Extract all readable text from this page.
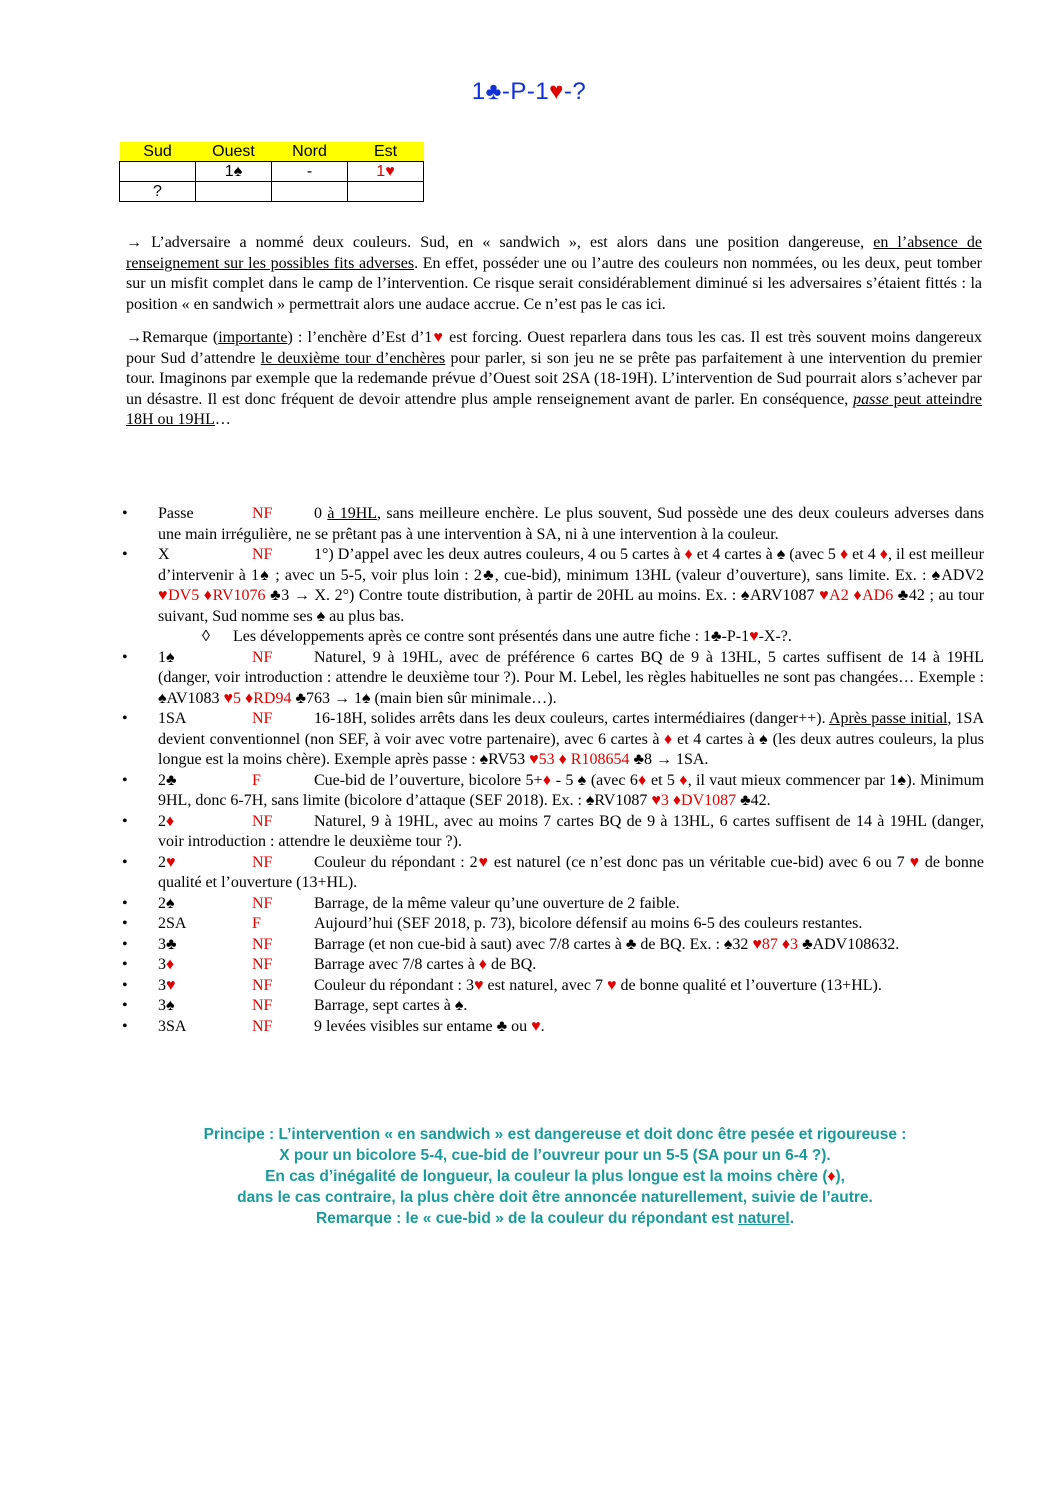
1♣-P-1♥-?
Sud	Ouest	Nord	Est
	1♠	-	1♥
?			
→ L’adversaire a nommé deux couleurs. Sud, en « sandwich », est alors dans une position dangereuse, en l’absence de renseignement sur les possibles fits adverses. En effet, posséder une ou l’autre des couleurs non nommées, ou les deux, peut tomber sur un misfit complet dans le camp de l’intervention. Ce risque serait considérablement diminué si les adversaires s’étaient fittés : la position « en sandwich » permettrait alors une audace accrue. Ce n’est pas le cas ici.
→Remarque (importante) : l’enchère d’Est d’1♥ est forcing. Ouest reparlera dans tous les cas. Il est très souvent moins dangereux pour Sud d’attendre le deuxième tour d’enchères pour parler, si son jeu ne se prête pas parfaitement à une intervention du premier tour. Imaginons par exemple que la redemande prévue d’Ouest soit 2SA (18-19H). L’intervention de Sud pourrait alors s’achever par un désastre. Il est donc fréquent de devoir attendre plus ample renseignement avant de parler. En conséquence, passe peut atteindre 18H ou 19HL…
• Passe	NF	0 à 19HL, sans meilleure enchère. Le plus souvent, Sud possède une des deux couleurs adverses dans une main irrégulière, ne se prêtant pas à une intervention à SA, ni à une intervention à la couleur.
• X	NF	1°) D’appel avec les deux autres couleurs, 4 ou 5 cartes à ♦ et 4 cartes à ♠ (avec 5 ♦ et 4 ♦, il est meilleur d’intervenir à 1♠ ; avec un 5-5, voir plus loin : 2♣, cue-bid), minimum 13HL (valeur d’ouverture), sans limite. Ex. : ♠ADV2 ♥DV5 ♦RV1076 ♣3 → X. 2°) Contre toute distribution, à partir de 20HL au moins. Ex. : ♠ARV1087 ♥A2 ♦AD6 ♣42 ; au tour suivant, Sud nomme ses ♠ au plus bas.
◊ Les développements après ce contre sont présentés dans une autre fiche : 1♣-P-1♥-X-?.
• 1♠	NF	Naturel, 9 à 19HL, avec de préférence 6 cartes BQ de 9 à 13HL, 5 cartes suffisent de 14 à 19HL (danger, voir introduction : attendre le deuxième tour ?). Pour M. Lebel, les règles habituelles ne sont pas changées… Exemple : ♠AV1083 ♥5 ♦RD94 ♣763 → 1♠ (main bien sûr minimale…).
• 1SA	NF	16-18H, solides arrêts dans les deux couleurs, cartes intermédiaires (danger++). Après passe initial, 1SA devient conventionnel (non SEF, à voir avec votre partenaire), avec 6 cartes à ♦ et 4 cartes à ♠ (les deux autres couleurs, la plus longue est la moins chère). Exemple après passe : ♠RV53 ♥53 ♦ R108654 ♣8 → 1SA.
• 2♣	F	Cue-bid de l’ouverture, bicolore 5+♦ - 5 ♠ (avec 6♦ et 5 ♦, il vaut mieux commencer par 1♠). Minimum 9HL, donc 6-7H, sans limite (bicolore d’attaque (SEF 2018). Ex. : ♠RV1087 ♥3 ♦DV1087 ♣42.
• 2♦	NF	Naturel, 9 à 19HL, avec au moins 7 cartes BQ de 9 à 13HL, 6 cartes suffisent de 14 à 19HL (danger, voir introduction : attendre le deuxième tour ?).
• 2♥	NF	Couleur du répondant : 2♥ est naturel (ce n’est donc pas un véritable cue-bid) avec 6 ou 7 ♥ de bonne qualité et l’ouverture (13+HL).
• 2♠	NF	Barrage, de la même valeur qu’une ouverture de 2 faible.
• 2SA	F	Aujourd’hui (SEF 2018, p. 73), bicolore défensif au moins 6-5 des couleurs restantes.
• 3♣	NF	Barrage (et non cue-bid à saut) avec 7/8 cartes à ♣ de BQ. Ex. : ♠32 ♥87 ♦3 ♣ADV108632.
• 3♦	NF	Barrage avec 7/8 cartes à ♦ de BQ.
• 3♥	NF	Couleur du répondant : 3♥ est naturel, avec 7 ♥ de bonne qualité et l’ouverture (13+HL).
• 3♠	NF	Barrage, sept cartes à ♠.
• 3SA	NF	9 levées visibles sur entame ♣ ou ♥.
Principe : L’intervention « en sandwich » est dangereuse et doit donc être pesée et rigoureuse :
X pour un bicolore 5-4, cue-bid de l’ouvreur pour un 5-5 (SA pour un 6-4 ?).
En cas d’inégalité de longueur, la couleur la plus longue est la moins chère (♦),
dans le cas contraire, la plus chère doit être annoncée naturellement, suivie de l’autre.
Remarque : le « cue-bid » de la couleur du répondant est naturel.
